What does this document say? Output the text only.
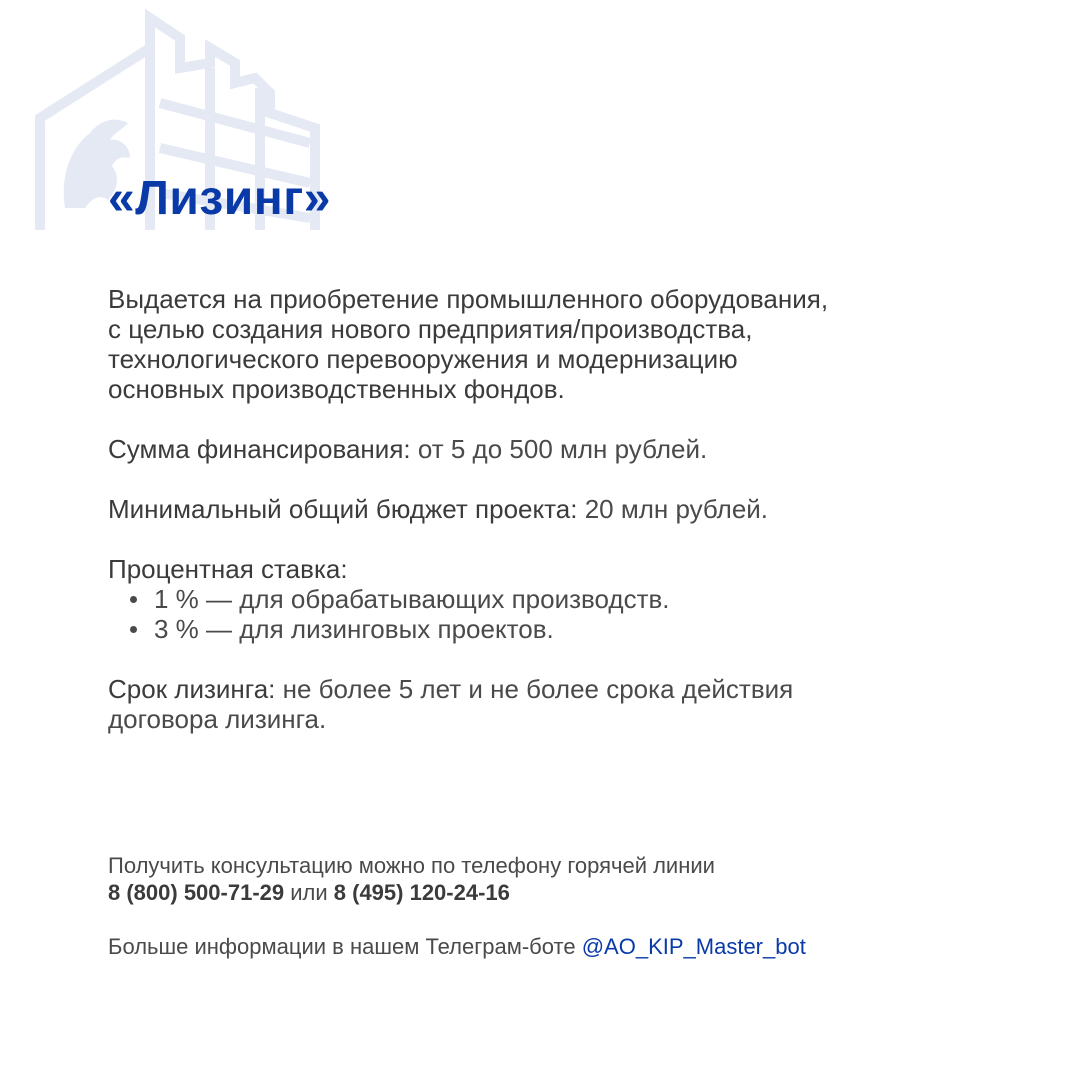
«Лизинг»

Выдается на приобретение промышленного оборудования,

с целью создания нового предприятия/производства,

технологического перевооружения и модернизацию

основных производственных фондов.

Сумма финансирования: от 5 до 500 млн рублей.

Минимальный общий бюджет проекта: 20 млн рублей.

Процентная ставка:

1 % — для обрабатывающих производств.
3 % — для лизинговых проектов.

Срок лизинга: не более 5 лет и не более срока действия

договора лизинга.

Получить консультацию можно по телефону горячей линии

8 (800) 500-71-29 или 8 (495) 120-24-16

Больше информации в нашем Телеграм-боте @AO_KIP_Master_bot
